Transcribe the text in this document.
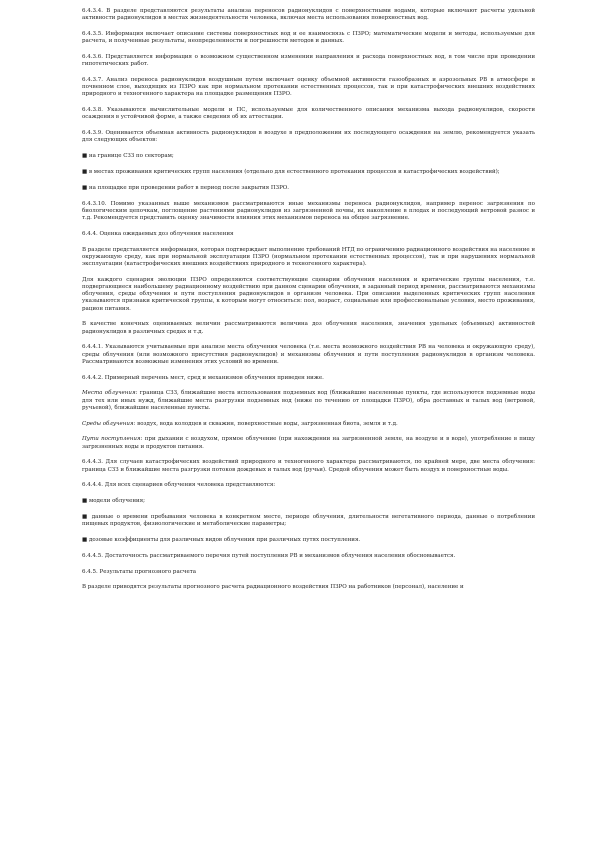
6.4.3.4. В разделе представляются результаты анализа переносов радионуклидов с поверхностными водами, которые включают расчеты удельной активности радионуклидов в местах жизнедеятельности человека, включая места использования поверхностных вод.

6.4.3.5. Информация включает описание системы поверхностных вод и ее взаимосвязь с ПЗРО; математические модели и методы, используемые для расчета, и полученные результаты, неопределенности и погрешности методов и данных.

6.4.3.6. Представляется информация о возможном существенном изменении направления и расхода поверхностных вод, в том числе при проведении гипотетических работ.

6.4.3.7. Анализ переноса радионуклидов воздушным путем включает оценку объемной активности газообразных и аэрозольных РВ в атмосфере и почвенном слое, выходящих из ПЗРО как при нормальном протекании естественных процессов, так и при катастрофических внешних воздействиях природного и техногенного характера на площадке размещения ПЗРО.

6.4.3.8. Указываются вычислительные модели и ПС, используемые для количественного описания механизма выхода радионуклидов, скорости осаждения в устойчивой форме, а также сведения об их аттестации.

6.4.3.9. Оценивается объемная активность радионуклидов в воздухе в предположении их последующего осаждения на землю, рекомендуется указать для следующих объектов:

■ на границе СЗЗ по секторам;

■ в местах проживания критических групп населения (отдельно для естественного протекания процессов и катастрофических воздействий);

■ на площадке при проведении работ в период после закрытия ПЗРО.

6.4.3.10. Помимо указанных выше механизмов рассматриваются иные механизмы переноса радионуклидов, например перенос загрязнения по биологическим цепочкам, поглощение растениями радионуклидов из загрязненной почвы, их накопление в плодах и последующий ветровой разнос и т.д. Рекомендуется представить оценку значимости влияния этих механизмов переноса на общее загрязнение.

6.4.4. Оценка ожидаемых доз облучения населения

В разделе представляется информация, которая подтверждает выполнение требований НТД по ограничению радиационного воздействия на население и окружающую среду, как при нормальной эксплуатации ПЗРО (нормальном протекании естественных процессов), так и при нарушениях нормальной эксплуатации (катастрофических внешних воздействиях природного и техногенного характера).

Для каждого сценария эволюции ПЗРО определяются соответствующие сценарии облучения населения и критические группы населения, т.е. подвергающиеся наибольшему радиационному воздействию при данном сценарии облучения, в заданный период времени, рассматриваются механизмы облучения, среды облучения и пути поступления радионуклидов в организм человека. При описании выделенных критических групп населения указываются признаки критической группы, к которым могут относиться: пол, возраст, социальные или профессиональные условия, место проживания, рацион питания.

В качестве конечных оцениваемых величин рассматриваются величина доз облучения населения, значения удельных (объемных) активностей радионуклидов в различных средах и т.д.

6.4.4.1. Указываются учитываемые при анализе места облучения человека (т.е. места возможного воздействия РВ на человека и окружающую среду), среды облучения (или возможного присутствия радионуклидов) и механизмы облучения и пути поступления радионуклидов в организм человека. Рассматриваются возможные изменения этих условий во времени.

6.4.4.2. Примерный перечень мест, сред и механизмов облучения приведен ниже.

Места облучения: граница СЗЗ, ближайшие места использования подземных вод (ближайшие населенные пункты, где используются подземные воды для тех или иных нужд, ближайшие места разгрузки подземных вод (ниже по течению от площадки ПЗРО), обрa доставных и талых вод (ветровой, ручьевой), ближайшие населенные пункты.

Среды облучения: воздух, вода колодцев и скважин, поверхностные воды, загрязненная биота, земля и т.д.

Пути поступления: при дыхании с воздухом, прямое облучение (при нахождении на загрязненной земле, на воздухе и в воде), употребление в пищу загрязненных воды и продуктов питания.

6.4.4.3. Для случаев катастрофических воздействий природного и техногенного характера рассматриваются, по крайней мере, две места облучения: граница СЗЗ и ближайшие места разгрузки потоков дождевых и талых вод (ручьи). Средой облучения может быть воздух и поверхностные воды.

6.4.4.4. Для всех сценариев облучения человека представляются:

■ модели облучения;

■ данные о времени пребывания человека в конкретном месте, периоде облучения, длительности вегетативного периода, данные о потреблении пищевых продуктов, физиологические и метаболические параметры;

■ дозовые коэффициенты для различных видов облучения при различных путях поступления.

6.4.4.5. Достаточность рассматриваемого перечня путей поступления РВ и механизмов облучения населения обосновывается.

6.4.5. Результаты прогнозного расчета

В разделе приводятся результаты прогнозного расчета радиационного воздействия ПЗРО на работников (персонал), население и
